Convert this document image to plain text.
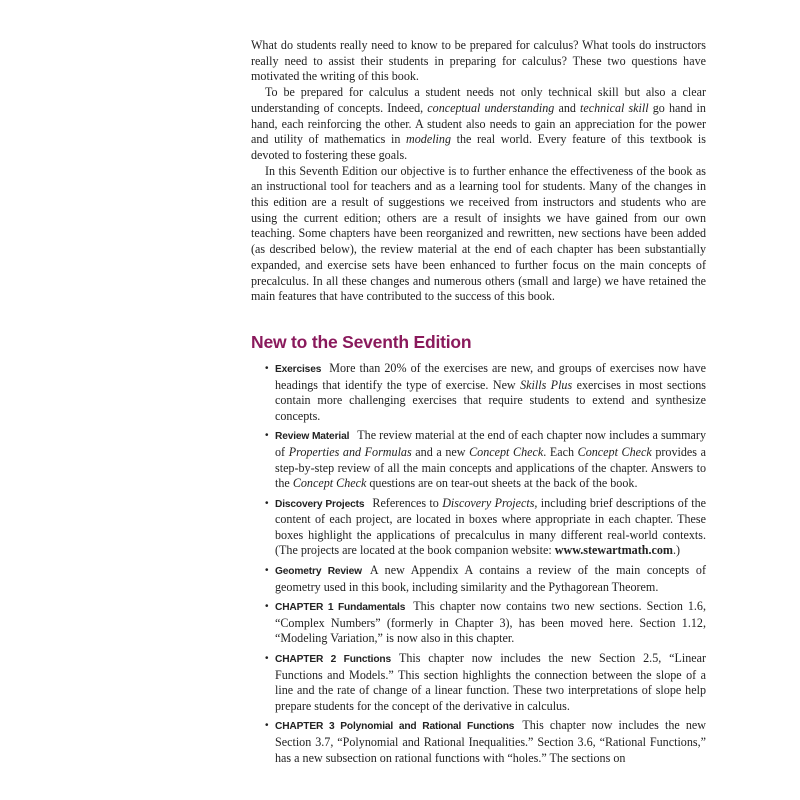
What do students really need to know to be prepared for calculus? What tools do instructors really need to assist their students in preparing for calculus? These two questions have motivated the writing of this book.

To be prepared for calculus a student needs not only technical skill but also a clear understanding of concepts. Indeed, conceptual understanding and technical skill go hand in hand, each reinforcing the other. A student also needs to gain an appreciation for the power and utility of mathematics in modeling the real world. Every feature of this textbook is devoted to fostering these goals.

In this Seventh Edition our objective is to further enhance the effectiveness of the book as an instructional tool for teachers and as a learning tool for students. Many of the changes in this edition are a result of suggestions we received from instructors and students who are using the current edition; others are a result of insights we have gained from our own teaching. Some chapters have been reorganized and rewritten, new sections have been added (as described below), the review material at the end of each chapter has been substantially expanded, and exercise sets have been enhanced to further focus on the main concepts of precalculus. In all these changes and numerous others (small and large) we have retained the main features that have contributed to the success of this book.

New to the Seventh Edition
• Exercises More than 20% of the exercises are new, and groups of exercises now have headings that identify the type of exercise. New Skills Plus exercises in most sections contain more challenging exercises that require students to extend and synthesize concepts.
• Review Material The review material at the end of each chapter now includes a summary of Properties and Formulas and a new Concept Check. Each Concept Check provides a step-by-step review of all the main concepts and applications of the chapter. Answers to the Concept Check questions are on tear-out sheets at the back of the book.
• Discovery Projects References to Discovery Projects, including brief descriptions of the content of each project, are located in boxes where appropriate in each chapter. These boxes highlight the applications of precalculus in many different real-world contexts. (The projects are located at the book companion website: www.stewartmath.com.)
• Geometry Review A new Appendix A contains a review of the main concepts of geometry used in this book, including similarity and the Pythagorean Theorem.
• CHAPTER 1 Fundamentals This chapter now contains two new sections. Section 1.6, “Complex Numbers” (formerly in Chapter 3), has been moved here. Section 1.12, “Modeling Variation,” is now also in this chapter.
• CHAPTER 2 Functions This chapter now includes the new Section 2.5, “Linear Functions and Models.” This section highlights the connection between the slope of a line and the rate of change of a linear function. These two interpretations of slope help prepare students for the concept of the derivative in calculus.
• CHAPTER 3 Polynomial and Rational Functions This chapter now includes the new Section 3.7, “Polynomial and Rational Inequalities.” Section 3.6, “Rational Functions,” has a new subsection on rational functions with “holes.” The sections on
